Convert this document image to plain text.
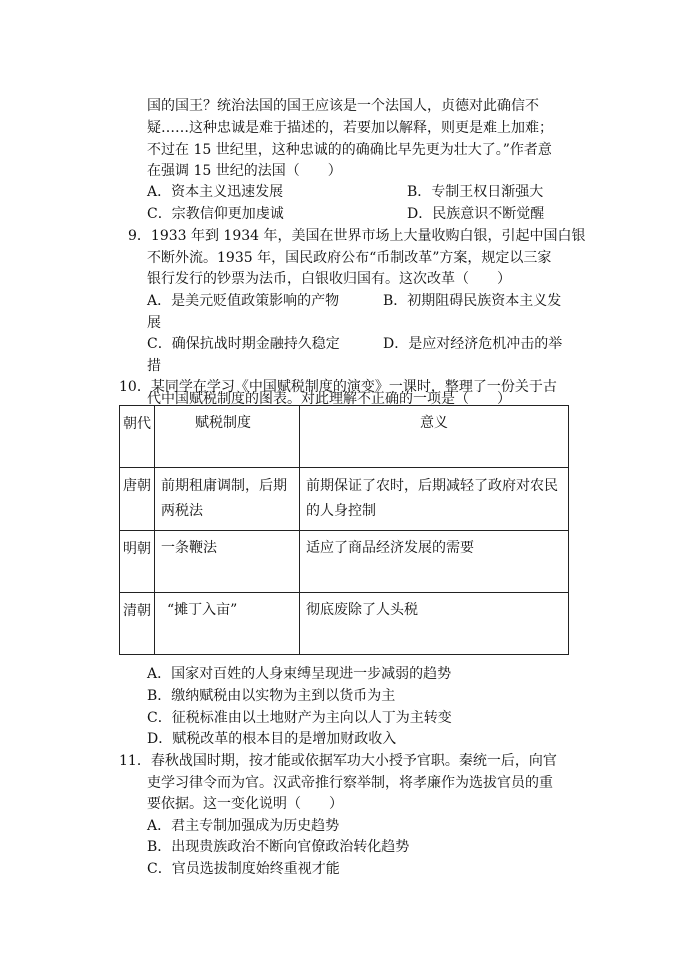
国的国王？统治法国的国王应该是一个法国人，贞德对此确信不
疑……这种忠诚是难于描述的，若要加以解释，则更是难上加难；
不过在 15 世纪里，这种忠诚的的确确比早先更为壮大了。”作者意
在强调 15 世纪的法国（　　）
A．资本主义迅速发展	B．专制王权日渐强大
C．宗教信仰更加虔诚	D．民族意识不断觉醒
9．1933 年到 1934 年，美国在世界市场上大量收购白银，引起中国白银
不断外流。1935 年，国民政府公布“币制改革”方案，规定以三家
银行发行的钞票为法币，白银收归国有。这次改革（　　）
A．是美元贬值政策影响的产物	B．初期阻碍民族资本主义发
展
C．确保抗战时期金融持久稳定	D．是应对经济危机冲击的举
措
10．某同学在学习《中国赋税制度的演变》一课时，整理了一份关于古
代中国赋税制度的图表。对此理解不正确的一项是（　　）
朝代	赋税制度	意义

唐朝	前期租庸调制，后期两税法	前期保证了农时，后期减轻了政府对农民的人身控制

明朝	一条鞭法	适应了商品经济发展的需要

清朝	“摊丁入亩”	彻底废除了人头税
A．国家对百姓的人身束缚呈现进一步减弱的趋势
B．缴纳赋税由以实物为主到以货币为主
C．征税标准由以土地财产为主向以人丁为主转变
D．赋税改革的根本目的是增加财政收入
11．春秋战国时期，按才能或依据军功大小授予官职。秦统一后，向官
吏学习律令而为官。汉武帝推行察举制，将孝廉作为选拔官员的重
要依据。这一变化说明（　　）
A．君主专制加强成为历史趋势
B．出现贵族政治不断向官僚政治转化趋势
C．官员选拔制度始终重视才能
